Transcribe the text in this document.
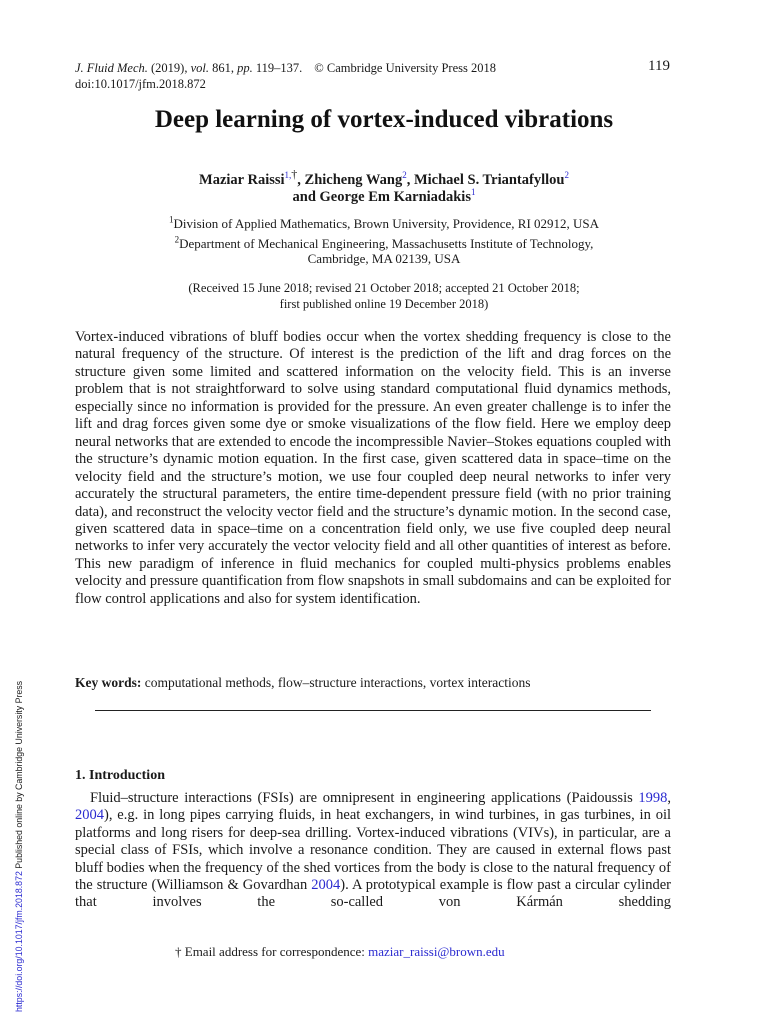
J. Fluid Mech. (2019), vol. 861, pp. 119–137. © Cambridge University Press 2018
doi:10.1017/jfm.2018.872
119
Deep learning of vortex-induced vibrations
Maziar Raissi$^{1,\dagger}$, Zhicheng Wang$^2$, Michael S. Triantafyllou$^2$
and George Em Karniadakis$^1$
$^1$Division of Applied Mathematics, Brown University, Providence, RI 02912, USA
$^2$Department of Mechanical Engineering, Massachusetts Institute of Technology,
Cambridge, MA 02139, USA
(Received 15 June 2018; revised 21 October 2018; accepted 21 October 2018;
first published online 19 December 2018)
Vortex-induced vibrations of bluff bodies occur when the vortex shedding frequency is close to the natural frequency of the structure. Of interest is the prediction of the lift and drag forces on the structure given some limited and scattered information on the velocity field. This is an inverse problem that is not straightforward to solve using standard computational fluid dynamics methods, especially since no information is provided for the pressure. An even greater challenge is to infer the lift and drag forces given some dye or smoke visualizations of the flow field. Here we employ deep neural networks that are extended to encode the incompressible Navier–Stokes equations coupled with the structure’s dynamic motion equation. In the first case, given scattered data in space–time on the velocity field and the structure’s motion, we use four coupled deep neural networks to infer very accurately the structural parameters, the entire time-dependent pressure field (with no prior training data), and reconstruct the velocity vector field and the structure’s dynamic motion. In the second case, given scattered data in space–time on a concentration field only, we use five coupled deep neural networks to infer very accurately the vector velocity field and all other quantities of interest as before. This new paradigm of inference in fluid mechanics for coupled multi-physics problems enables velocity and pressure quantification from flow snapshots in small subdomains and can be exploited for flow control applications and also for system identification.
Key words: computational methods, flow–structure interactions, vortex interactions
1. Introduction
Fluid–structure interactions (FSIs) are omnipresent in engineering applications (Paidoussis 1998, 2004), e.g. in long pipes carrying fluids, in heat exchangers, in wind turbines, in gas turbines, in oil platforms and long risers for deep-sea drilling. Vortex-induced vibrations (VIVs), in particular, are a special class of FSIs, which involve a resonance condition. They are caused in external flows past bluff bodies when the frequency of the shed vortices from the body is close to the natural frequency of the structure (Williamson & Govardhan 2004). A prototypical example is flow past a circular cylinder that involves the so-called von Kármán shedding
† Email address for correspondence: maziar_raissi@brown.edu
https://doi.org/10.1017/jfm.2018.872 Published online by Cambridge University Press
